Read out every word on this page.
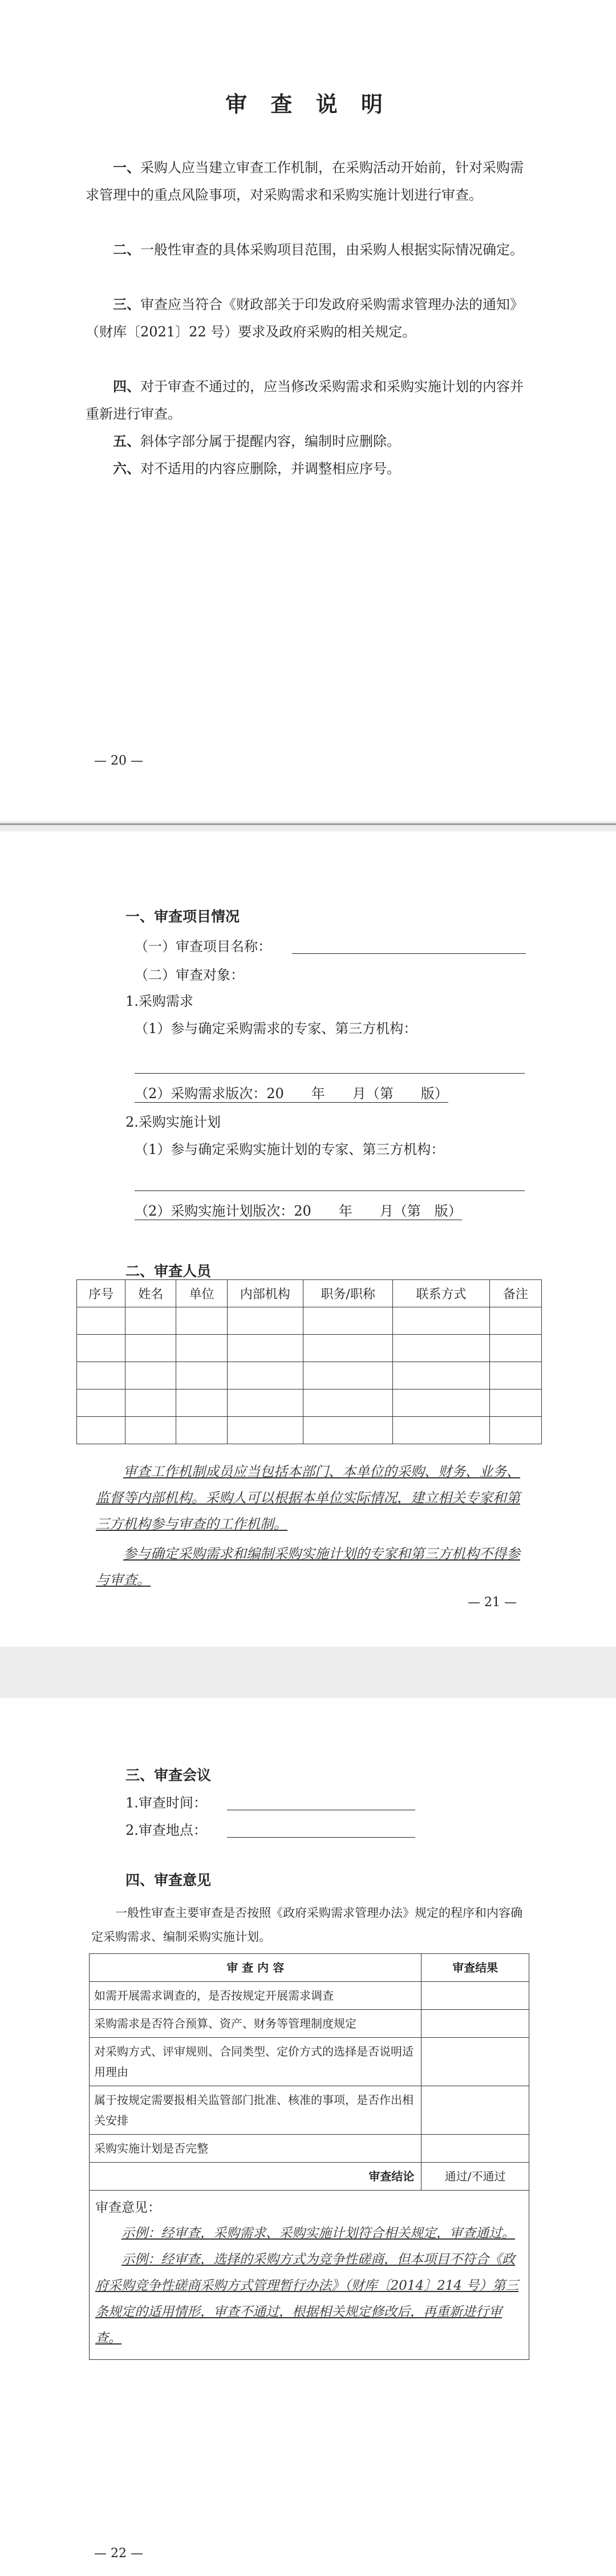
审 查 说 明
一、采购人应当建立审查工作机制，在采购活动开始前，针对采购需求管理中的重点风险事项，对采购需求和采购实施计划进行审查。
二、一般性审查的具体采购项目范围，由采购人根据实际情况确定。
三、审查应当符合《财政部关于印发政府采购需求管理办法的通知》（财库〔2021〕22 号）要求及政府采购的相关规定。
四、对于审查不通过的，应当修改采购需求和采购实施计划的内容并重新进行审查。
五、斜体字部分属于提醒内容，编制时应删除。
六、对不适用的内容应删除，并调整相应序号。
— 20 —
一、审查项目情况
（一）审查项目名称：
（二）审查对象：
1.采购需求
（1）参与确定采购需求的专家、第三方机构：
（2）采购需求版次：20　　年　　月（第　　版）
2.采购实施计划
（1）参与确定采购实施计划的专家、第三方机构：
（2）采购实施计划版次：20　　年　　月（第　版）
二、审查人员
序号	姓名	单位	内部机构	职务/职称	联系方式	备注

审查工作机制成员应当包括本部门、本单位的采购、财务、业务、监督等内部机构。采购人可以根据本单位实际情况，建立相关专家和第三方机构参与审查的工作机制。
参与确定采购需求和编制采购实施计划的专家和第三方机构不得参与审查。
— 21 —
三、审查会议
1.审查时间：
2.审查地点：
四、审查意见
一般性审查主要审查是否按照《政府采购需求管理办法》规定的程序和内容确定采购需求、编制采购实施计划。
审 查 内 容	审查结果
如需开展需求调查的，是否按规定开展需求调查	
采购需求是否符合预算、资产、财务等管理制度规定	
对采购方式、评审规则、合同类型、定价方式的选择是否说明适用理由	
属于按规定需要报相关监管部门批准、核准的事项，是否作出相关安排	
采购实施计划是否完整	
审查结论	通过/不通过

审查意见：
示例：经审查，采购需求、采购实施计划符合相关规定，审查通过。
示例：经审查，选择的采购方式为竞争性磋商，但本项目不符合《政府采购竞争性磋商采购方式管理暂行办法》（财库〔2014〕214 号）第三条规定的适用情形，审查不通过，根据相关规定修改后，再重新进行审查。	
— 22 —
